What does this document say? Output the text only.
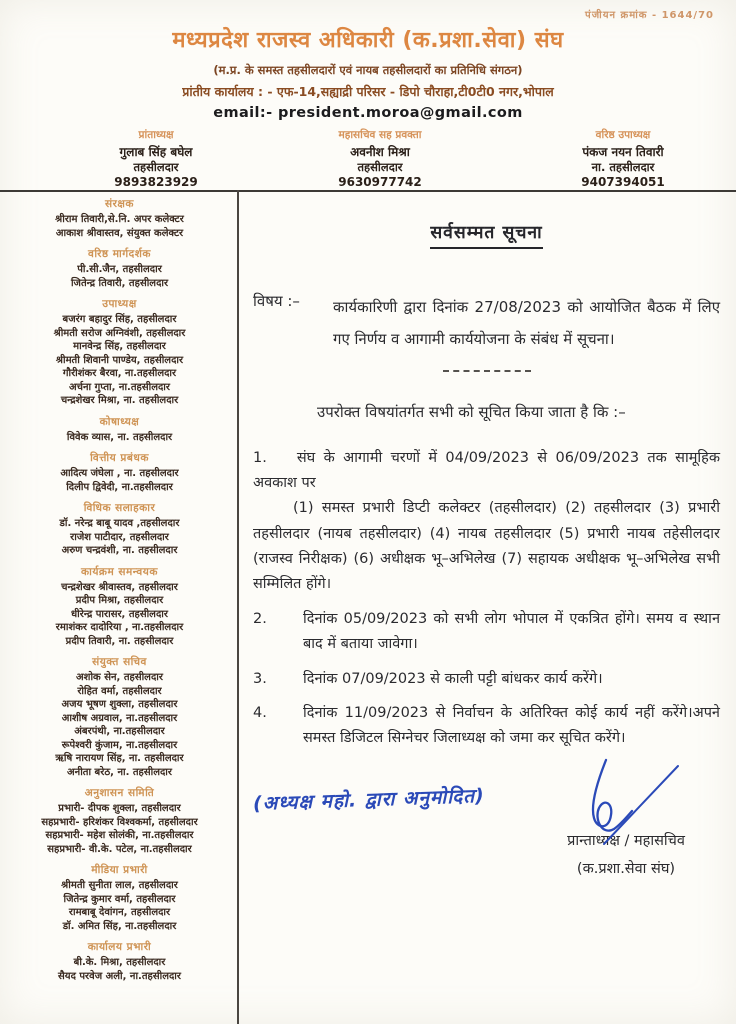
पंजीयन क्रमांक - 1644/70
मध्यप्रदेश राजस्व अधिकारी (क.प्रशा.सेवा) संघ
(म.प्र. के समस्त तहसीलदारों एवं नायब तहसीलदारों का प्रतिनिधि संगठन)
प्रांतीय कार्यालय : - एफ-14,सह्याद्री परिसर - डिपो चौराहा,टी0टी0 नगर,भोपाल
email:- president.moroa@gmail.com
प्रांताध्यक्ष
गुलाब सिंह बघेल
तहसीलदार
9893823929
महासचिव सह प्रवक्ता
अवनीश मिश्रा
तहसीलदार
9630977742
वरिष्ठ उपाध्यक्ष
पंकज नयन तिवारी
ना. तहसीलदार
9407394051
संरक्षक
श्रीराम तिवारी,से.नि. अपर कलेक्टर
आकाश श्रीवास्तव, संयुक्त कलेक्टर
वरिष्ठ मार्गदर्शक
पी.सी.जैन, तहसीलदार
जितेन्द्र तिवारी, तहसीलदार
उपाध्यक्ष
बजरंग बहादुर सिंह, तहसीलदार
श्रीमती सरोज अग्निवंशी, तहसीलदार
मानवेन्द्र सिंह, तहसीलदार
श्रीमती शिवानी पाण्डेय, तहसीलदार
गौरीशंकर बैरवा, ना.तहसीलदार
अर्चना गुप्ता, ना.तहसीलदार
चन्द्रशेखर मिश्रा, ना. तहसीलदार
कोषाध्यक्ष
विवेक व्यास, ना. तहसीलदार
वित्तीय प्रबंधक
आदित्य जंघेला , ना. तहसीलदार
दिलीप द्विवेदी, ना.तहसीलदार
विधिक सलाहकार
डॉ. नरेन्द्र बाबू यादव ,तहसीलदार
राजेश पाटीदार, तहसीलदार
अरुण चन्द्रवंशी, ना. तहसीलदार
कार्यक्रम समन्वयक
चन्द्रशेखर श्रीवास्तव, तहसीलदार
प्रदीप मिश्रा, तहसीलदार
धीरेन्द्र पारासर, तहसीलदार
रमाशंकर दादोरिया , ना.तहसीलदार
प्रदीप तिवारी, ना. तहसीलदार
संयुक्त सचिव
अशोक सेन, तहसीलदार
रोहित वर्मा, तहसीलदार
अजय भूषण शुक्ला, तहसीलदार
आशीष अग्रवाल, ना.तहसीलदार
अंबरपंथी, ना.तहसीलदार
रूपेश्वरी कुंजाम, ना.तहसीलदार
ऋषि नारायण सिंह, ना. तहसीलदार
अनीता बरेठ, ना. तहसीलदार
अनुशासन समिति
प्रभारी- दीपक शुक्ला, तहसीलदार
सहप्रभारी- हरिशंकर विश्वकर्मा, तहसीलदार
सहप्रभारी- महेश सोलंकी, ना.तहसीलदार
सहप्रभारी- वी.के. पटेल, ना.तहसीलदार
मीडिया प्रभारी
श्रीमती सुनीता लाल, तहसीलदार
जितेन्द्र कुमार वर्मा, तहसीलदार
रामबाबू देवांगन, तहसीलदार
डॉ. अमित सिंह, ना.तहसीलदार
कार्यालय प्रभारी
बी.के. मिश्रा, तहसीलदार
सैयद परवेज अली, ना.तहसीलदार
सर्वसम्मत सूचना
विषय :–	कार्यकारिणी द्वारा दिनांक 27/08/2023 को आयोजित बैठक में लिए गए निर्णय व आगामी कार्ययोजना के संबंध में सूचना।

उपरोक्त विषयांतर्गत सभी को सूचित किया जाता है कि :–

1. संघ के आगामी चरणों में 04/09/2023 से 06/09/2023 तक सामूहिक अवकाश पर

(1) समस्त प्रभारी डिप्टी कलेक्टर (तहसीलदार) (2) तहसीलदार (3) प्रभारी तहसीलदार (नायब तहसीलदार) (4) नायब तहसीलदार (5) प्रभारी नायब तहेसीलदार (राजस्व निरीक्षक) (6) अधीक्षक भू–अभिलेख (7) सहायक अधीक्षक भू–अभिलेख सभी सम्मिलित होंगे।

2.	दिनांक 05/09/2023 को सभी लोग भोपाल में एकत्रित होंगे। समय व स्थान बाद में बताया जावेगा।
3.	दिनांक 07/09/2023 से काली पट्टी बांधकर कार्य करेंगे।
4.	दिनांक 11/09/2023 से निर्वाचन के अतिरिक्त कोई कार्य नहीं करेंगे।अपने समस्त डिजिटल सिग्नेचर जिलाध्यक्ष को जमा कर सूचित करेंगे।
(अध्यक्ष महो. द्वारा अनुमोदित)
प्रान्ताध्यक्ष / महासचिव
(क.प्रशा.सेवा संघ)
